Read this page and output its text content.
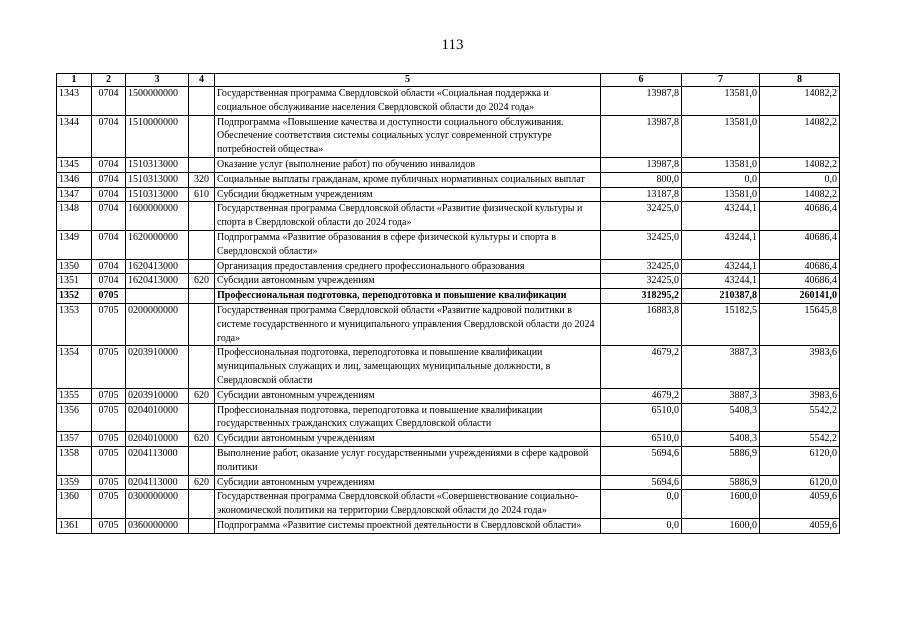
113
1	2	3	4	5	6	7	8
1343	0704	1500000000		Государственная программа Свердловской области «Социальная поддержка и социальное обслуживание населения Свердловской области до 2024 года»	13987,8	13581,0	14082,2
1344	0704	1510000000		Подпрограмма «Повышение качества и доступности социального обслуживания. Обеспечение соответствия системы социальных услуг современной структуре потребностей общества»	13987,8	13581,0	14082,2
1345	0704	1510313000		Оказание услуг (выполнение работ) по обучению инвалидов	13987,8	13581,0	14082,2
1346	0704	1510313000	320	Социальные выплаты гражданам, кроме публичных нормативных социальных выплат	800,0	0,0	0,0
1347	0704	1510313000	610	Субсидии бюджетным учреждениям	13187,8	13581,0	14082,2
1348	0704	1600000000		Государственная программа Свердловской области «Развитие физической культуры и спорта в Свердловской области до 2024 года»	32425,0	43244,1	40686,4
1349	0704	1620000000		Подпрограмма «Развитие образования в сфере физической культуры и спорта в Свердловской области»	32425,0	43244,1	40686,4
1350	0704	1620413000		Организация предоставления среднего профессионального образования	32425,0	43244,1	40686,4
1351	0704	1620413000	620	Субсидии автономным учреждениям	32425,0	43244,1	40686,4
1352	0705			Профессиональная подготовка, переподготовка и повышение квалификации	318295,2	210387,8	260141,0
1353	0705	0200000000		Государственная программа Свердловской области «Развитие кадровой политики в системе государственного и муниципального управления Свердловской области до 2024 года»	16883,8	15182,5	15645,8
1354	0705	0203910000		Профессиональная подготовка, переподготовка и повышение квалификации муниципальных служащих и лиц, замещающих муниципальные должности, в Свердловской области	4679,2	3887,3	3983,6
1355	0705	0203910000	620	Субсидии автономным учреждениям	4679,2	3887,3	3983,6
1356	0705	0204010000		Профессиональная подготовка, переподготовка и повышение квалификации государственных гражданских служащих Свердловской области	6510,0	5408,3	5542,2
1357	0705	0204010000	620	Субсидии автономным учреждениям	6510,0	5408,3	5542,2
1358	0705	0204113000		Выполнение работ, оказание услуг государственными учреждениями в сфере кадровой политики	5694,6	5886,9	6120,0
1359	0705	0204113000	620	Субсидии автономным учреждениям	5694,6	5886,9	6120,0
1360	0705	0300000000		Государственная программа Свердловской области «Совершенствование социально-экономической политики на территории Свердловской области до 2024 года»	0,0	1600,0	4059,6
1361	0705	0360000000		Подпрограмма «Развитие системы проектной деятельности в Свердловской области»	0,0	1600,0	4059,6
